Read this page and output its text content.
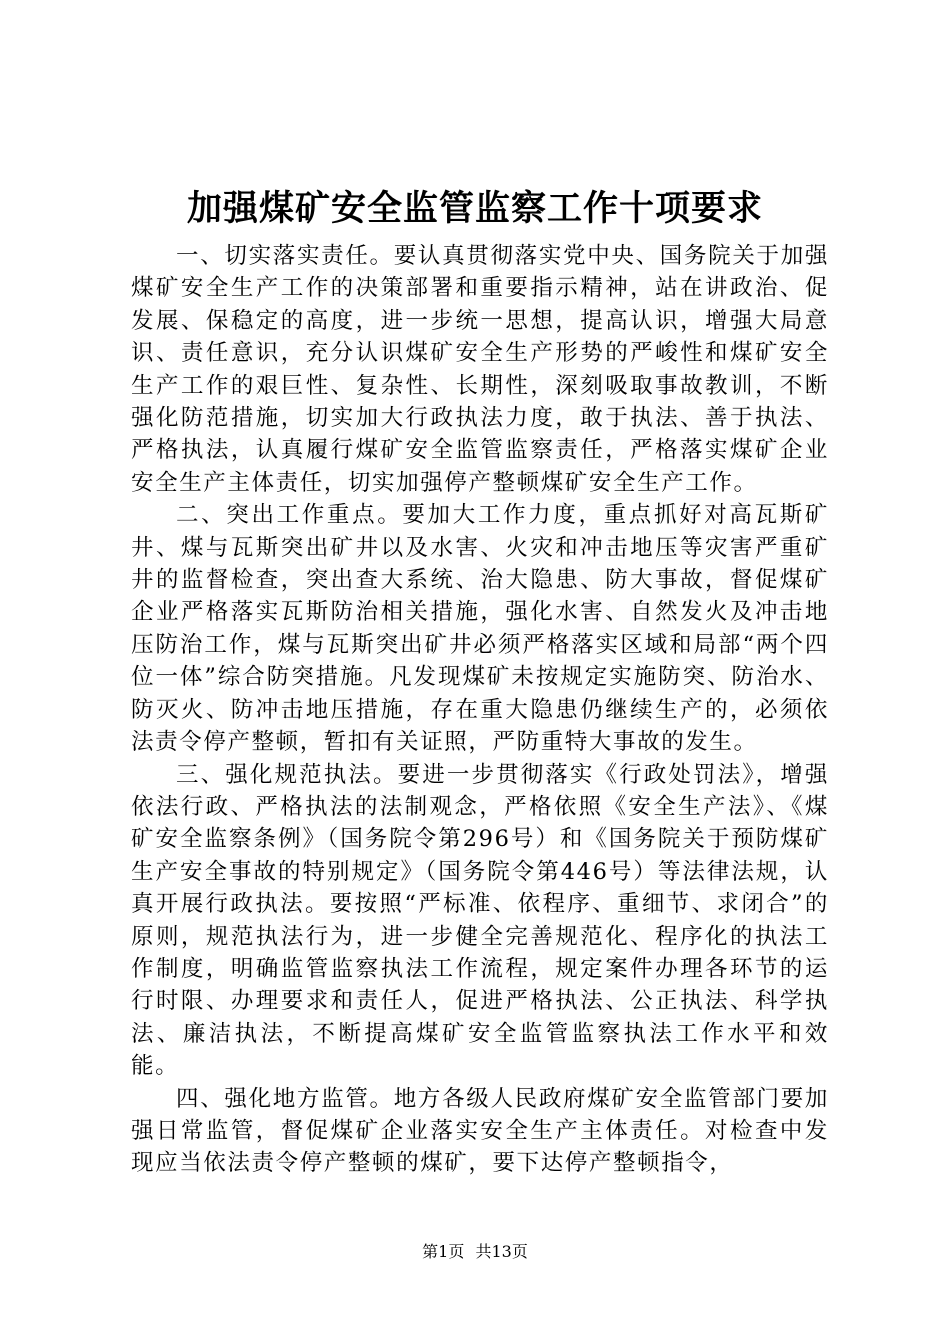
加强煤矿安全监管监察工作十项要求

一、切实落实责任。要认真贯彻落实党中央、国务院关于加强煤矿安全生产工作的决策部署和重要指示精神，站在讲政治、促发展、保稳定的高度，进一步统一思想，提高认识，增强大局意识、责任意识，充分认识煤矿安全生产形势的严峻性和煤矿安全生产工作的艰巨性、复杂性、长期性，深刻吸取事故教训，不断强化防范措施，切实加大行政执法力度，敢于执法、善于执法、严格执法，认真履行煤矿安全监管监察责任，严格落实煤矿企业安全生产主体责任，切实加强停产整顿煤矿安全生产工作。

二、突出工作重点。要加大工作力度，重点抓好对高瓦斯矿井、煤与瓦斯突出矿井以及水害、火灾和冲击地压等灾害严重矿井的监督检查，突出查大系统、治大隐患、防大事故，督促煤矿企业严格落实瓦斯防治相关措施，强化水害、自然发火及冲击地压防治工作，煤与瓦斯突出矿井必须严格落实区域和局部“两个四位一体”综合防突措施。凡发现煤矿未按规定实施防突、防治水、防灭火、防冲击地压措施，存在重大隐患仍继续生产的，必须依法责令停产整顿，暂扣有关证照，严防重特大事故的发生。

三、强化规范执法。要进一步贯彻落实《行政处罚法》，增强依法行政、严格执法的法制观念，严格依照《安全生产法》、《煤矿安全监察条例》（国务院令第296号）和《国务院关于预防煤矿生产安全事故的特别规定》（国务院令第446号）等法律法规，认真开展行政执法。要按照“严标准、依程序、重细节、求闭合”的原则，规范执法行为，进一步健全完善规范化、程序化的执法工作制度，明确监管监察执法工作流程，规定案件办理各环节的运行时限、办理要求和责任人，促进严格执法、公正执法、科学执法、廉洁执法，不断提高煤矿安全监管监察执法工作水平和效能。

四、强化地方监管。地方各级人民政府煤矿安全监管部门要加强日常监管，督促煤矿企业落实安全生产主体责任。对检查中发现应当依法责令停产整顿的煤矿，要下达停产整顿指令，

第1页 共13页
